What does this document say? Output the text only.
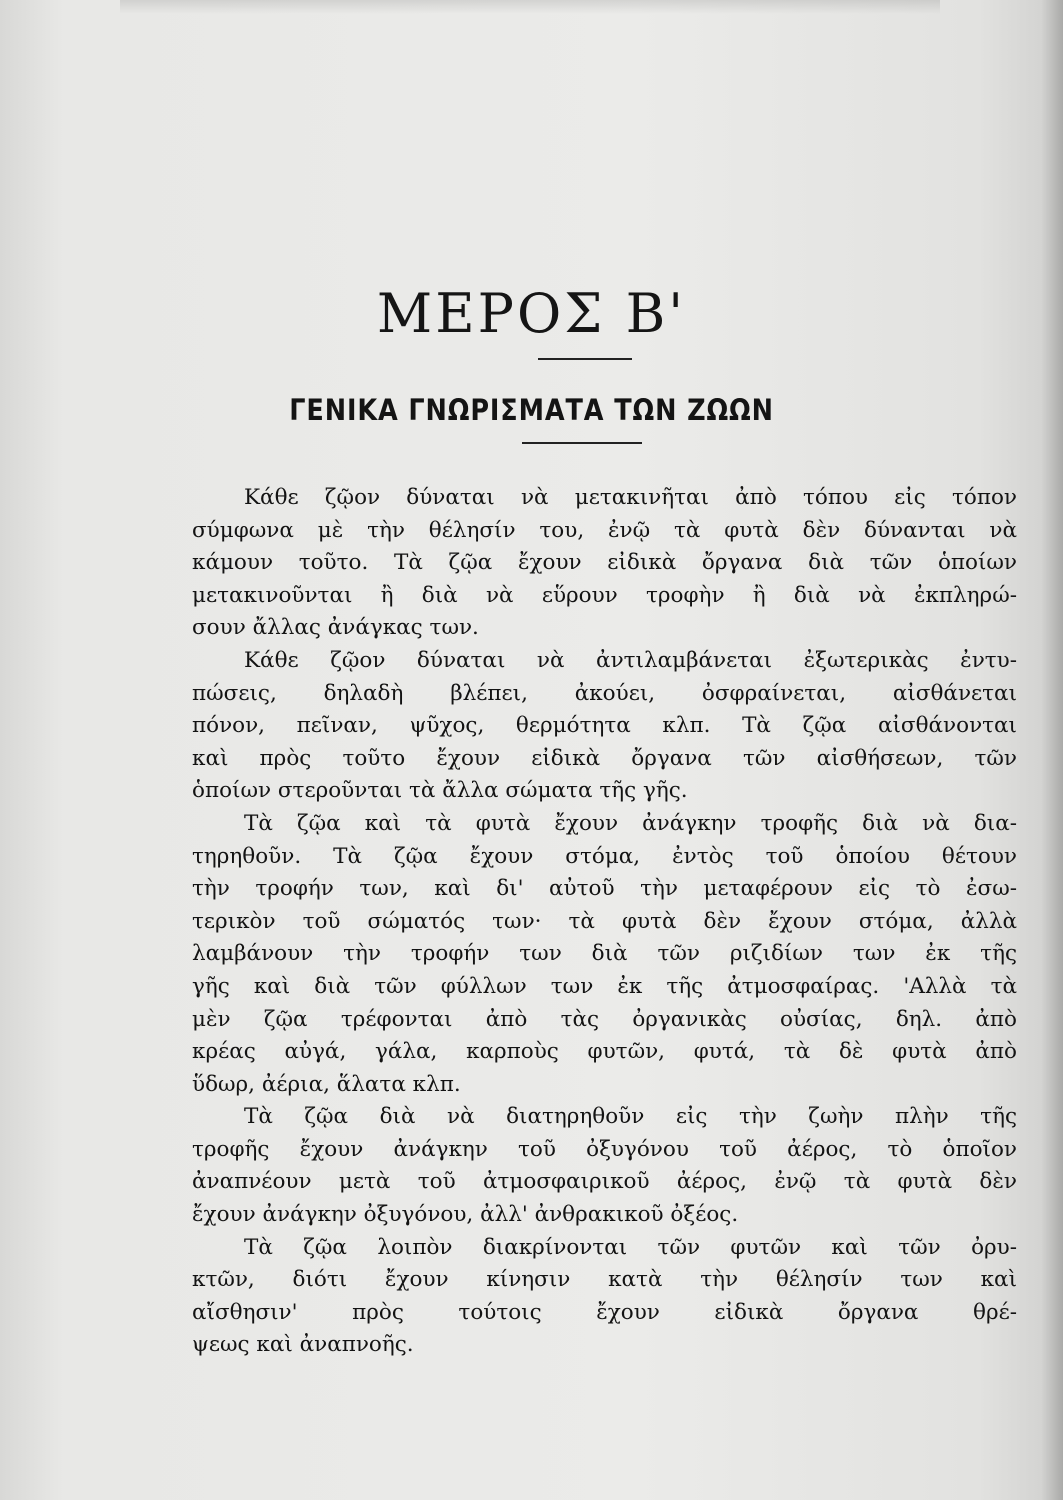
ΜΕΡΟΣ Β'
ΓΕΝΙΚΑ ΓΝΩΡΙΣΜΑΤΑ ΤΩΝ ΖΩΩΝ
Κάθε ζῷον δύναται νὰ μετακινῆται ἀπὸ τόπου εἰς τόπον
σύμφωνα μὲ τὴν θέλησίν του, ἐνῷ τὰ φυτὰ δὲν δύνανται νὰ
κάμουν τοῦτο. Τὰ ζῷα ἔχουν εἰδικὰ ὄργανα διὰ τῶν ὁποίων
μετακινοῦνται ἢ διὰ νὰ εὕρουν τροφὴν ἢ διὰ νὰ ἐκπληρώ-
σουν ἄλλας ἀνάγκας των.
Κάθε ζῷον δύναται νὰ ἀντιλαμβάνεται ἐξωτερικὰς ἐντυ-
πώσεις, δηλαδὴ βλέπει, ἀκούει, ὀσφραίνεται, αἰσθάνεται
πόνον, πεῖναν, ψῦχος, θερμότητα κλπ. Τὰ ζῷα αἰσθάνονται
καὶ πρὸς τοῦτο ἔχουν εἰδικὰ ὄργανα τῶν αἰσθήσεων, τῶν
ὁποίων στεροῦνται τὰ ἄλλα σώματα τῆς γῆς.
Τὰ ζῷα καὶ τὰ φυτὰ ἔχουν ἀνάγκην τροφῆς διὰ νὰ δια-
τηρηθοῦν. Τὰ ζῷα ἔχουν στόμα, ἐντὸς τοῦ ὁποίου θέτουν
τὴν τροφήν των, καὶ δι' αὐτοῦ τὴν μεταφέρουν εἰς τὸ ἐσω-
τερικὸν τοῦ σώματός των· τὰ φυτὰ δὲν ἔχουν στόμα, ἀλλὰ
λαμβάνουν τὴν τροφήν των διὰ τῶν ριζιδίων των ἐκ τῆς
γῆς καὶ διὰ τῶν φύλλων των ἐκ τῆς ἀτμοσφαίρας. 'Αλλὰ τὰ
μὲν ζῷα τρέφονται ἀπὸ τὰς ὀργανικὰς οὐσίας, δηλ. ἀπὸ
κρέας αὐγά, γάλα, καρποὺς φυτῶν, φυτά, τὰ δὲ φυτὰ ἀπὸ
ὕδωρ, ἀέρια, ἅλατα κλπ.
Τὰ ζῷα διὰ νὰ διατηρηθοῦν εἰς τὴν ζωὴν πλὴν τῆς
τροφῆς ἔχουν ἀνάγκην τοῦ ὀξυγόνου τοῦ ἀέρος, τὸ ὁποῖον
ἀναπνέουν μετὰ τοῦ ἀτμοσφαιρικοῦ ἀέρος, ἐνῷ τὰ φυτὰ δὲν
ἔχουν ἀνάγκην ὀξυγόνου, ἀλλ' ἀνθρακικοῦ ὀξέος.
Τὰ ζῷα λοιπὸν διακρίνονται τῶν φυτῶν καὶ τῶν ὀρυ-
κτῶν, διότι ἔχουν κίνησιν κατὰ τὴν θέλησίν των καὶ
αἴσθησιν' πρὸς τούτοις ἔχουν εἰδικὰ ὄργανα θρέ-
ψεως καὶ ἀναπνοῆς.
